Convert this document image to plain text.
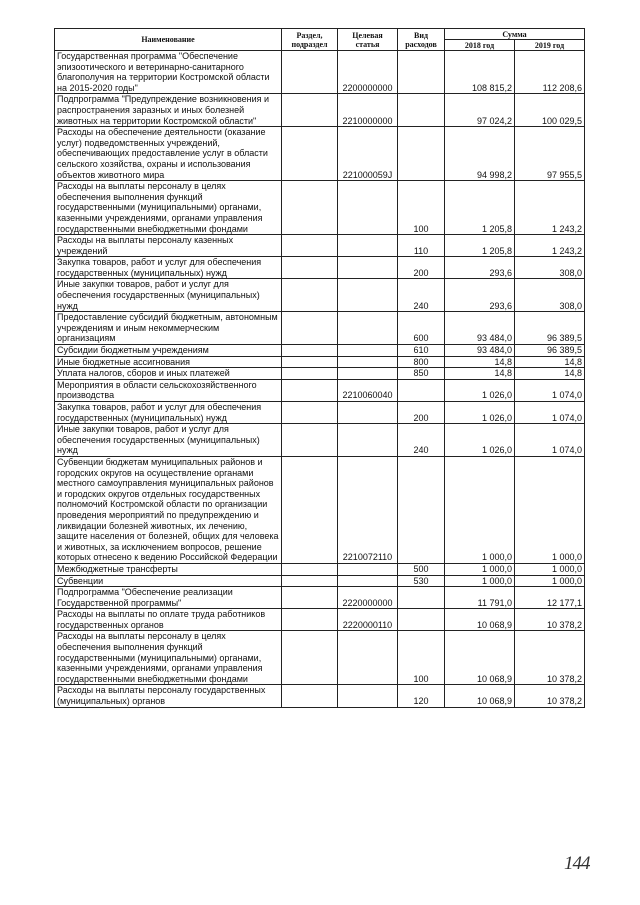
Наименование	Раздел, подраздел	Целевая статья	Вид расходов	Сумма	
				2018 год	2019 год
Государственная программа "Обеспечение эпизоотического и ветеринарно-санитарного благополучия на территории Костромской области на 2015-2020 годы"		2200000000		108 815,2	112 208,6
Подпрограмма "Предупреждение возникновения и распространения заразных и иных болезней животных на территории Костромской области"		2210000000		97 024,2	100 029,5
Расходы на обеспечение деятельности (оказание услуг) подведомственных учреждений, обеспечивающих предоставление услуг в области сельского хозяйства, охраны и использования объектов животного мира		221000059J		94 998,2	97 955,5
Расходы на выплаты персоналу в целях обеспечения выполнения функций государственными (муниципальными) органами, казенными учреждениями, органами управления государственными внебюджетными фондами			100	1 205,8	1 243,2
Расходы на выплаты персоналу казенных учреждений			110	1 205,8	1 243,2
Закупка товаров, работ и услуг для обеспечения государственных (муниципальных) нужд			200	293,6	308,0
Иные закупки товаров, работ и услуг для обеспечения государственных (муниципальных) нужд			240	293,6	308,0
Предоставление субсидий бюджетным, автономным учреждениям и иным некоммерческим организациям			600	93 484,0	96 389,5
Субсидии бюджетным учреждениям			610	93 484,0	96 389,5
Иные бюджетные ассигнования			800	14,8	14,8
Уплата налогов, сборов и иных платежей			850	14,8	14,8
Мероприятия в области сельскохозяйственного производства		2210060040		1 026,0	1 074,0
Закупка товаров, работ и услуг для обеспечения государственных (муниципальных) нужд			200	1 026,0	1 074,0
Иные закупки товаров, работ и услуг для обеспечения государственных (муниципальных) нужд			240	1 026,0	1 074,0
Субвенции бюджетам муниципальных районов и городских округов на осуществление органами местного самоуправления муниципальных районов и городских округов отдельных государственных полномочий Костромской области по организации проведения мероприятий по предупреждению и ликвидации болезней животных, их лечению, защите населения от болезней, общих для человека и животных, за исключением вопросов, решение которых отнесено к ведению Российской Федерации		2210072110		1 000,0	1 000,0
Межбюджетные трансферты			500	1 000,0	1 000,0
Субвенции			530	1 000,0	1 000,0
Подпрограмма "Обеспечение реализации Государственной программы"		2220000000		11 791,0	12 177,1
Расходы на выплаты по оплате труда работников государственных органов		2220000110		10 068,9	10 378,2
Расходы на выплаты персоналу в целях обеспечения выполнения функций государственными (муниципальными) органами, казенными учреждениями, органами управления государственными внебюджетными фондами			100	10 068,9	10 378,2
Расходы на выплаты персоналу государственных (муниципальных) органов			120	10 068,9	10 378,2
144
